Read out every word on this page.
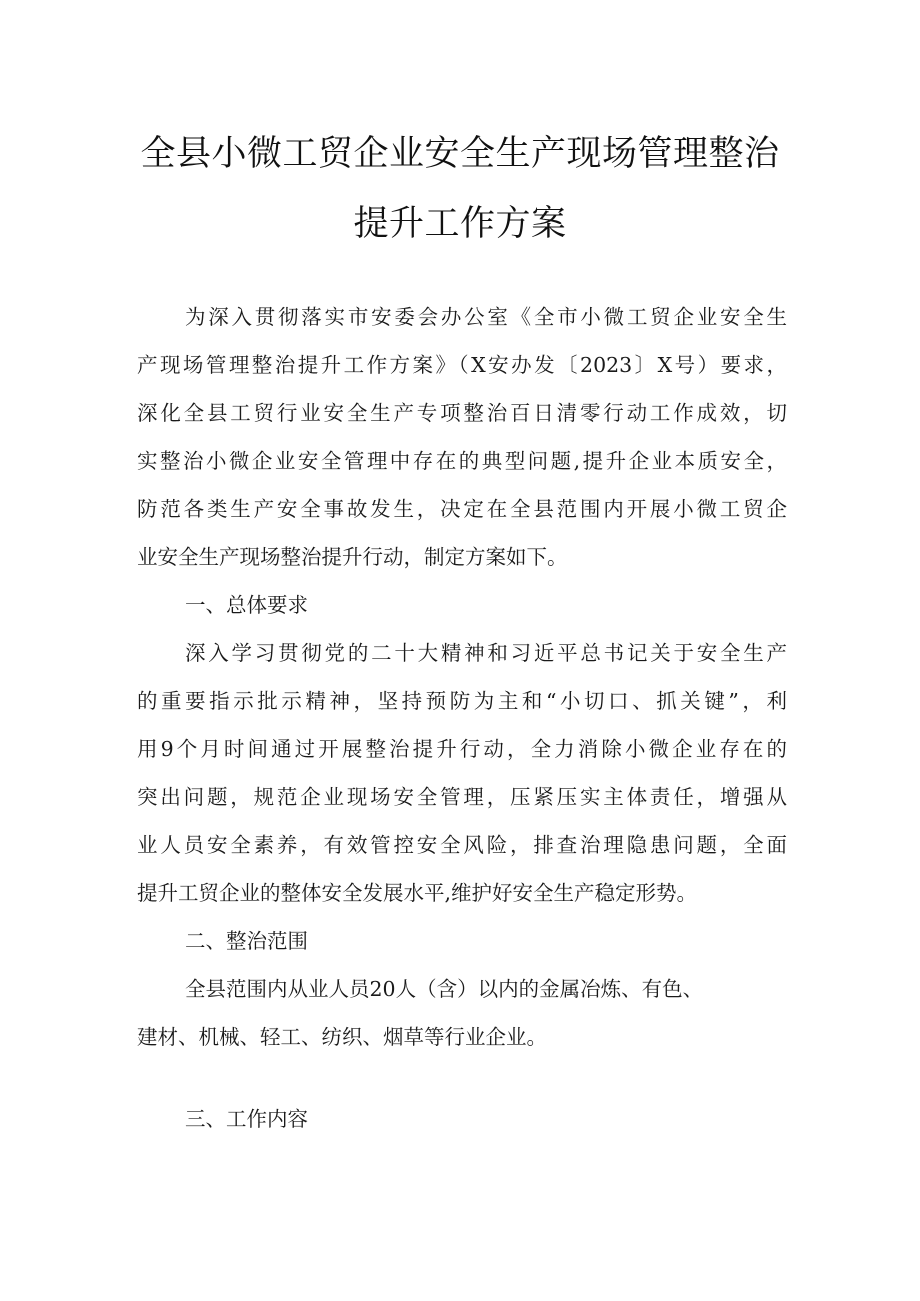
全县小微工贸企业安全生产现场管理整治
提升工作方案
为深入贯彻落实市安委会办公室《全市小微工贸企业安全生
产现场管理整治提升工作方案》（X安办发〔2023〕X号）要求，
深化全县工贸行业安全生产专项整治百日清零行动工作成效，切
实整治小微企业安全管理中存在的典型问题,提升企业本质安全，
防范各类生产安全事故发生，决定在全县范围内开展小微工贸企
业安全生产现场整治提升行动，制定方案如下。
一、总体要求
深入学习贯彻党的二十大精神和习近平总书记关于安全生产
的重要指示批示精神，坚持预防为主和“小切口、抓关键”，利
用9个月时间通过开展整治提升行动，全力消除小微企业存在的
突出问题，规范企业现场安全管理，压紧压实主体责任，增强从
业人员安全素养，有效管控安全风险，排查治理隐患问题，全面
提升工贸企业的整体安全发展水平,维护好安全生产稳定形势。
二、整治范围
全县范围内从业人员20人（含）以内的金属冶炼、有色、
建材、机械、轻工、纺织、烟草等行业企业。
三、工作内容
